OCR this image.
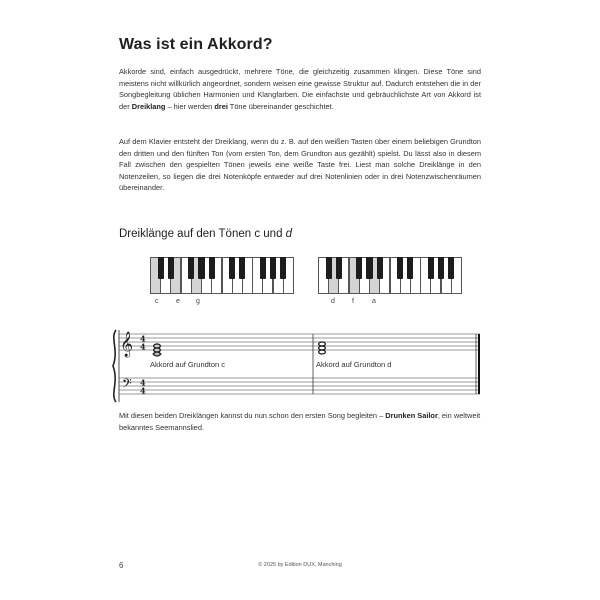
Was ist ein Akkord?
Akkorde sind, einfach ausgedrückt, mehrere Töne, die gleichzeitig zusammen klingen. Diese Töne sind meistens nicht willkürlich angeordnet, sondern weisen eine gewisse Struktur auf. Dadurch entstehen die in der Songbegleitung üblichen Harmonien und Klangfarben. Die einfachste und gebräuchlichste Art von Akkord ist der Dreiklang – hier werden drei Töne übereinander geschichtet.
Auf dem Klavier entsteht der Dreiklang, wenn du z. B. auf den weißen Tasten über einem beliebigen Grundton den dritten und den fünften Ton (vom ersten Ton, dem Grundton aus gezählt) spielst. Du lässt also in diesem Fall zwischen den gespielten Tönen jeweils eine weiße Taste frei. Liest man solche Dreiklänge in den Notenzeilen, so liegen die drei Notenköpfe entweder auf drei Notenlinien oder in drei Notenzwischenräumen übereinander.
Dreiklänge auf den Tönen c und d
c	e g	d f	a
𝄞
𝄢
4
4
4
4
Akkord auf Grundton c	Akkord auf Grundton d
Mit diesen beiden Dreiklängen kannst du nun schon den ersten Song begleiten – Drunken Sailor, ein weltweit bekanntes Seemannslied.
6	© 2025 by Edition DUX, Manching
